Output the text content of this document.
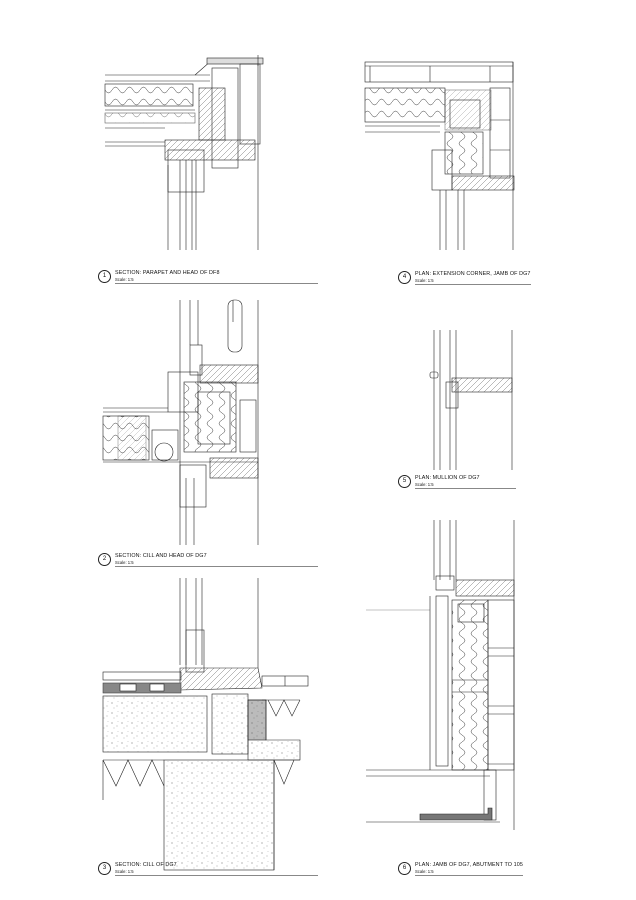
1	SECTION: PARAPET AND HEAD OF DF8
Scale: 1:5	4	PLAN: EXTENSION CORNER, JAMB OF DG7
Scale: 1:5
2	SECTION: CILL AND HEAD OF DG7
Scale: 1:5
5	PLAN: MULLION OF DG7
Scale: 1:5
3	SECTION: CILL OF DG7
Scale: 1:5
6	PLAN: JAMB OF DG7, ABUTMENT TO 105
Scale: 1:5
